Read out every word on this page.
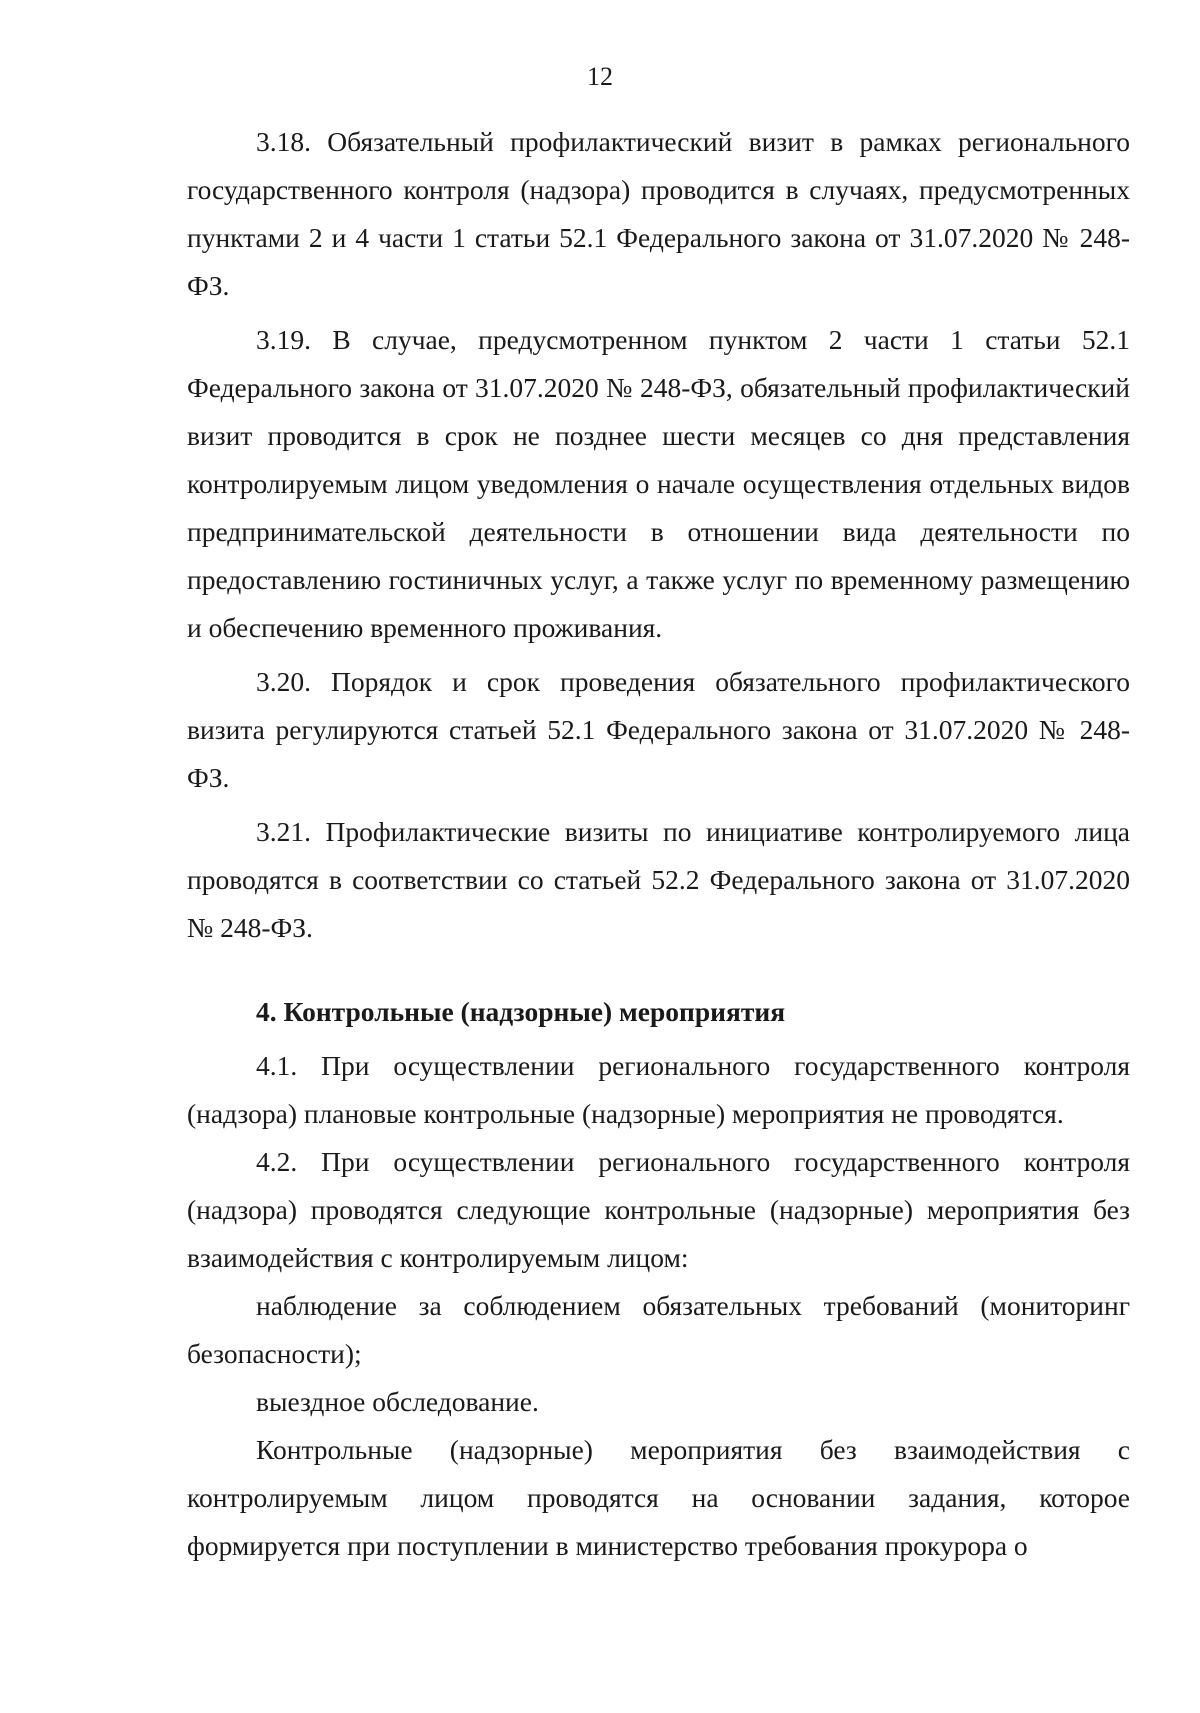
12

3.18. Обязательный профилактический визит в рамках регионального государственного контроля (надзора) проводится в случаях, предусмотренных пунктами 2 и 4 части 1 статьи 52.1 Федерального закона от 31.07.2020 № 248-ФЗ.

3.19. В случае, предусмотренном пунктом 2 части 1 статьи 52.1 Федерального закона от 31.07.2020 № 248-ФЗ, обязательный профилактический визит проводится в срок не позднее шести месяцев со дня представления контролируемым лицом уведомления о начале осуществления отдельных видов предпринимательской деятельности в отношении вида деятельности по предоставлению гостиничных услуг, а также услуг по временному размещению и обеспечению временного проживания.

3.20. Порядок и срок проведения обязательного профилактического визита регулируются статьей 52.1 Федерального закона от 31.07.2020 № 248-ФЗ.

3.21. Профилактические визиты по инициативе контролируемого лица проводятся в соответствии со статьей 52.2 Федерального закона от 31.07.2020 № 248-ФЗ.

4. Контрольные (надзорные) мероприятия

4.1. При осуществлении регионального государственного контроля (надзора) плановые контрольные (надзорные) мероприятия не проводятся.

4.2. При осуществлении регионального государственного контроля (надзора) проводятся следующие контрольные (надзорные) мероприятия без взаимодействия с контролируемым лицом:

наблюдение за соблюдением обязательных требований (мониторинг безопасности);

выездное обследование.

Контрольные (надзорные) мероприятия без взаимодействия с контролируемым лицом проводятся на основании задания, которое формируется при поступлении в министерство требования прокурора о
